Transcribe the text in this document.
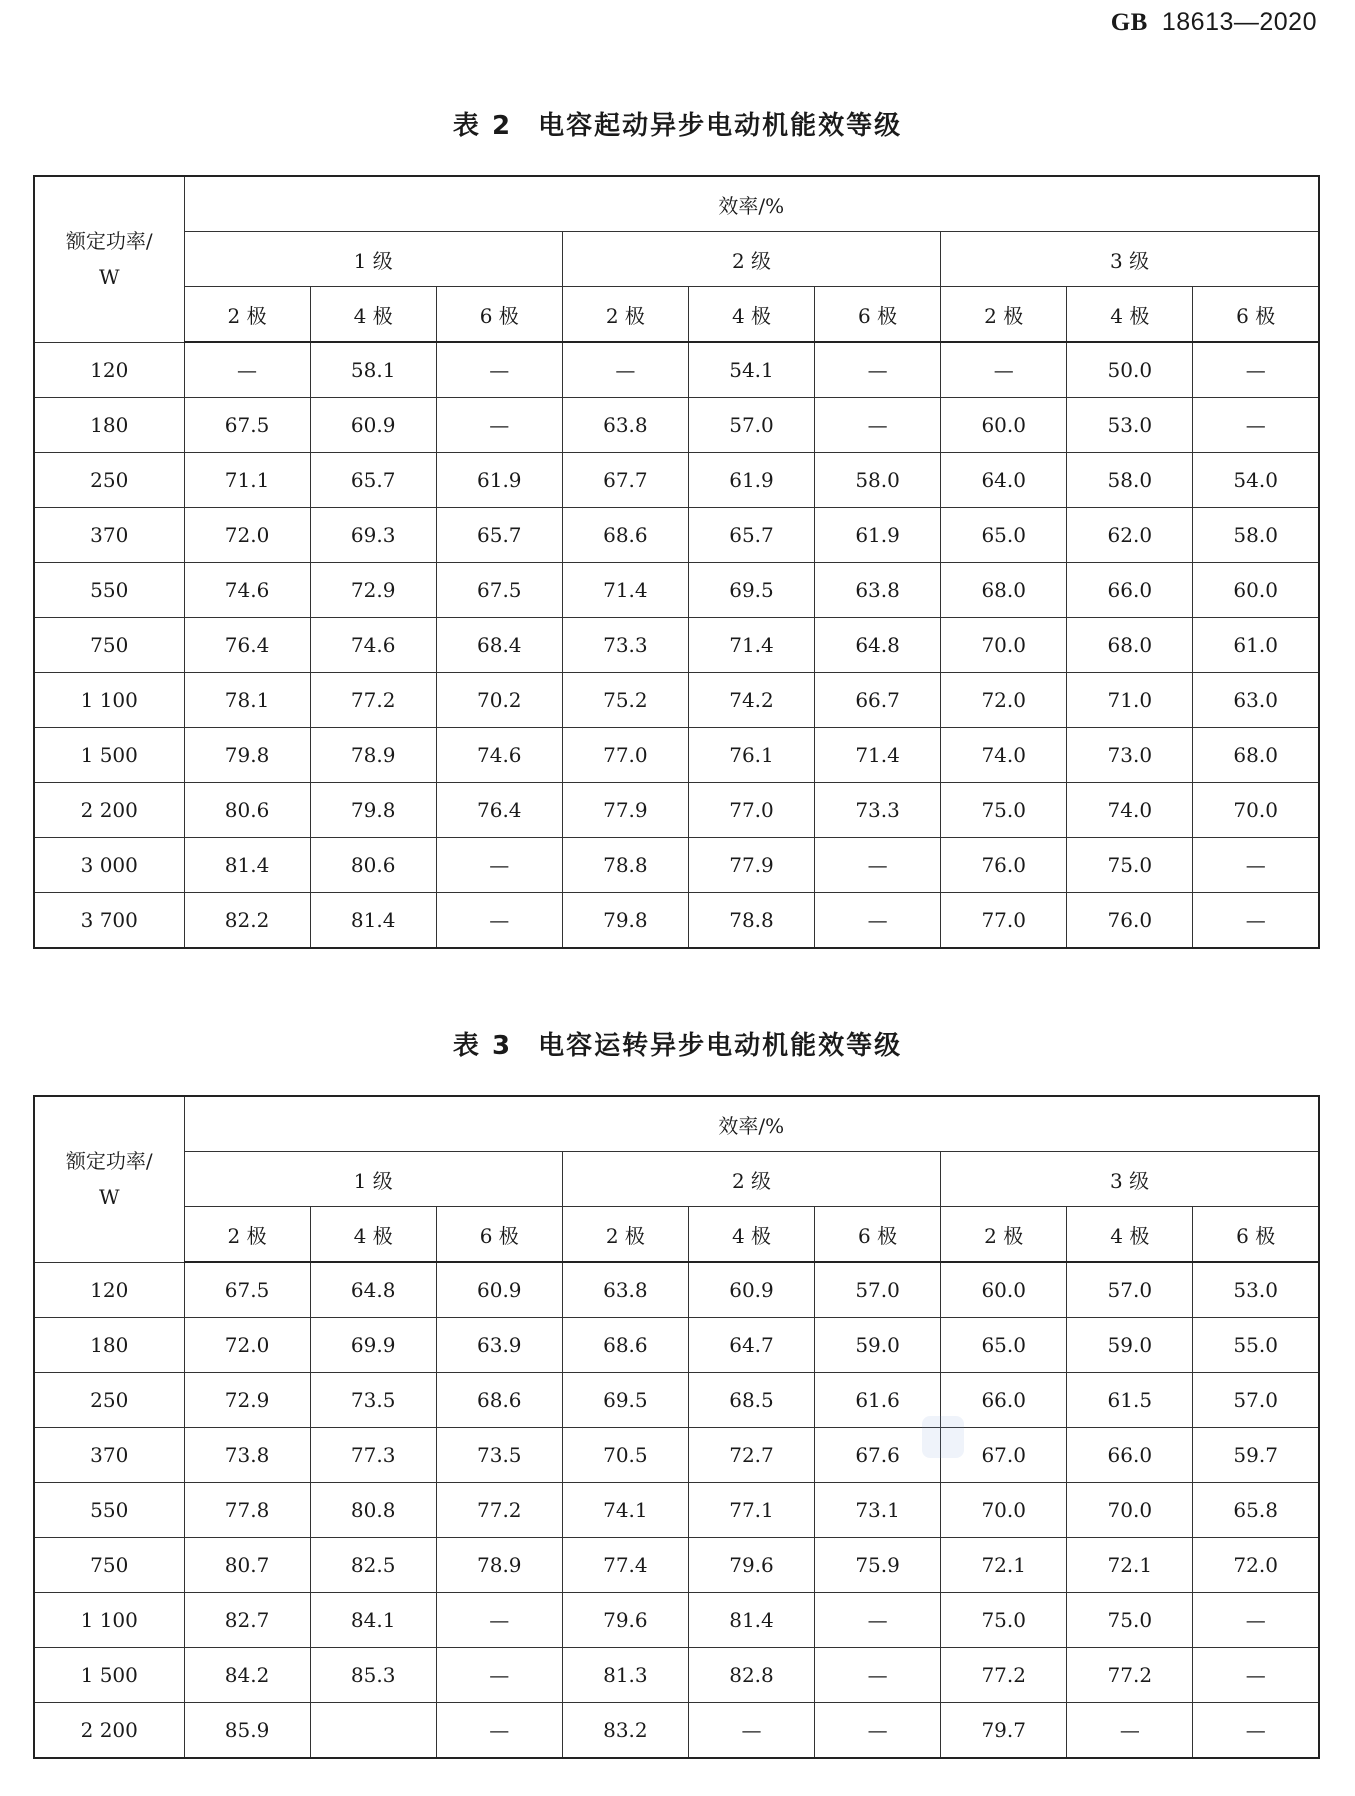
GB 18613—2020
表 2 电容起动异步电动机能效等级
额定功率/
W	效率/%								
	1 级			2 级			3 级		
	2 极	4 极	6 极	2 极	4 极	6 极	2 极	4 极	6 极
120	—	58.1	—	—	54.1	—	—	50.0	—
180	67.5	60.9	—	63.8	57.0	—	60.0	53.0	—
250	71.1	65.7	61.9	67.7	61.9	58.0	64.0	58.0	54.0
370	72.0	69.3	65.7	68.6	65.7	61.9	65.0	62.0	58.0
550	74.6	72.9	67.5	71.4	69.5	63.8	68.0	66.0	60.0
750	76.4	74.6	68.4	73.3	71.4	64.8	70.0	68.0	61.0
1 100	78.1	77.2	70.2	75.2	74.2	66.7	72.0	71.0	63.0
1 500	79.8	78.9	74.6	77.0	76.1	71.4	74.0	73.0	68.0
2 200	80.6	79.8	76.4	77.9	77.0	73.3	75.0	74.0	70.0
3 000	81.4	80.6	—	78.8	77.9	—	76.0	75.0	—
3 700	82.2	81.4	—	79.8	78.8	—	77.0	76.0	—
表 3 电容运转异步电动机能效等级
额定功率/
W	效率/%								
	1 级			2 级			3 级		
	2 极	4 极	6 极	2 极	4 极	6 极	2 极	4 极	6 极
120	67.5	64.8	60.9	63.8	60.9	57.0	60.0	57.0	53.0
180	72.0	69.9	63.9	68.6	64.7	59.0	65.0	59.0	55.0
250	72.9	73.5	68.6	69.5	68.5	61.6	66.0	61.5	57.0
370	73.8	77.3	73.5	70.5	72.7	67.6	67.0	66.0	59.7
550	77.8	80.8	77.2	74.1	77.1	73.1	70.0	70.0	65.8
750	80.7	82.5	78.9	77.4	79.6	75.9	72.1	72.1	72.0
1 100	82.7	84.1	—	79.6	81.4	—	75.0	75.0	—
1 500	84.2	85.3	—	81.3	82.8	—	77.2	77.2	—
2 200	85.9		—	83.2	—	—	79.7	—	—
